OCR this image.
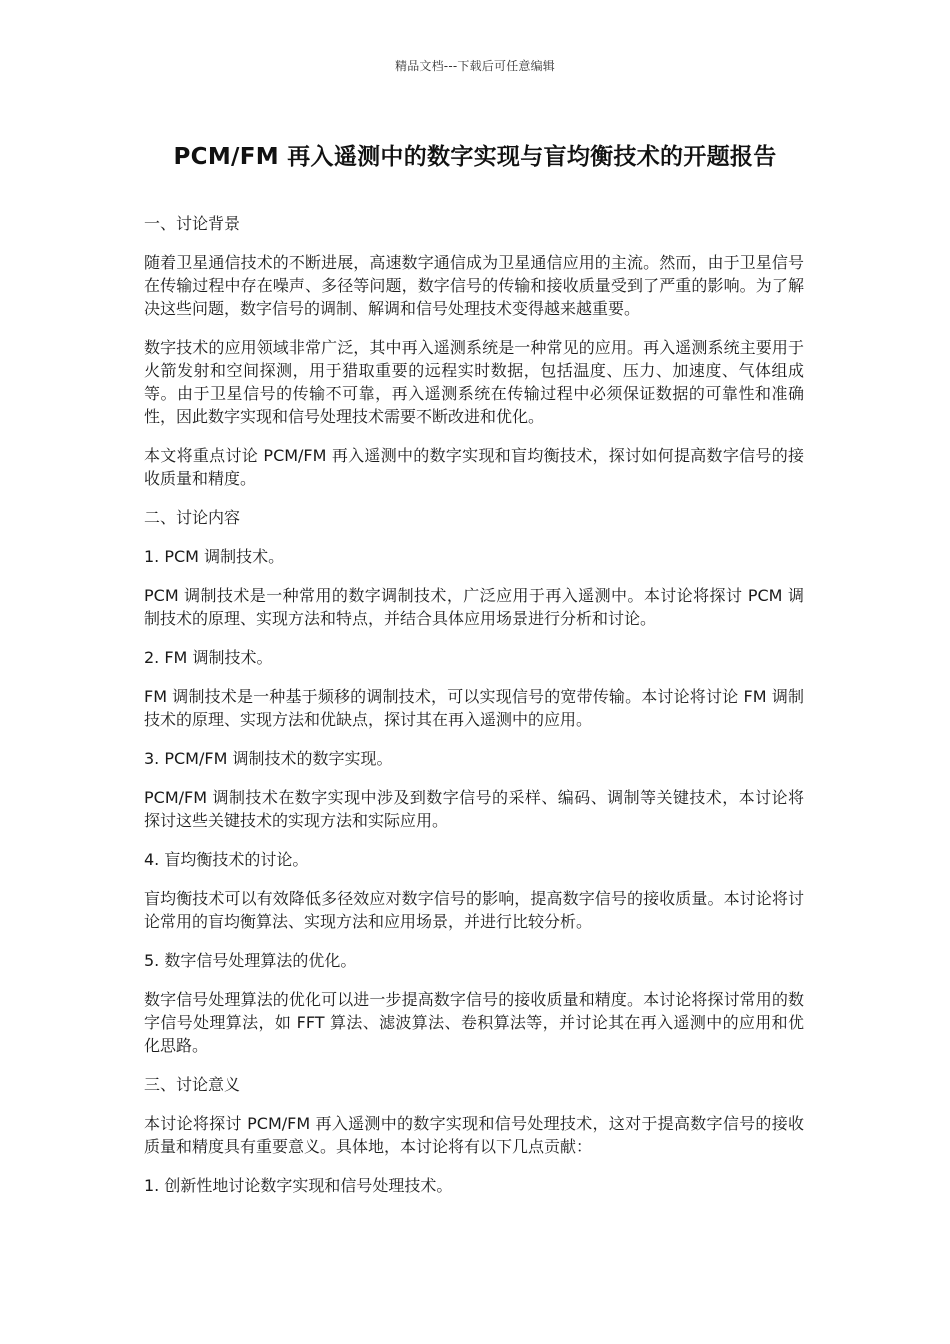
精品文档---下载后可任意编辑
PCM/FM 再入遥测中的数字实现与盲均衡技术的开题报告

一、讨论背景

随着卫星通信技术的不断进展，高速数字通信成为卫星通信应用的主流。然而，由于卫星信号在传输过程中存在噪声、多径等问题，数字信号的传输和接收质量受到了严重的影响。为了解决这些问题，数字信号的调制、解调和信号处理技术变得越来越重要。

数字技术的应用领域非常广泛，其中再入遥测系统是一种常见的应用。再入遥测系统主要用于火箭发射和空间探测，用于猎取重要的远程实时数据，包括温度、压力、加速度、气体组成等。由于卫星信号的传输不可靠，再入遥测系统在传输过程中必须保证数据的可靠性和准确性，因此数字实现和信号处理技术需要不断改进和优化。

本文将重点讨论 PCM/FM 再入遥测中的数字实现和盲均衡技术，探讨如何提高数字信号的接收质量和精度。

二、讨论内容

1. PCM 调制技术。

PCM 调制技术是一种常用的数字调制技术，广泛应用于再入遥测中。本讨论将探讨 PCM 调制技术的原理、实现方法和特点，并结合具体应用场景进行分析和讨论。

2. FM 调制技术。

FM 调制技术是一种基于频移的调制技术，可以实现信号的宽带传输。本讨论将讨论 FM 调制技术的原理、实现方法和优缺点，探讨其在再入遥测中的应用。

3. PCM/FM 调制技术的数字实现。

PCM/FM 调制技术在数字实现中涉及到数字信号的采样、编码、调制等关键技术，本讨论将探讨这些关键技术的实现方法和实际应用。

4. 盲均衡技术的讨论。

盲均衡技术可以有效降低多径效应对数字信号的影响，提高数字信号的接收质量。本讨论将讨论常用的盲均衡算法、实现方法和应用场景，并进行比较分析。

5. 数字信号处理算法的优化。

数字信号处理算法的优化可以进一步提高数字信号的接收质量和精度。本讨论将探讨常用的数字信号处理算法，如 FFT 算法、滤波算法、卷积算法等，并讨论其在再入遥测中的应用和优化思路。

三、讨论意义

本讨论将探讨 PCM/FM 再入遥测中的数字实现和信号处理技术，这对于提高数字信号的接收质量和精度具有重要意义。具体地，本讨论将有以下几点贡献：

1. 创新性地讨论数字实现和信号处理技术。
